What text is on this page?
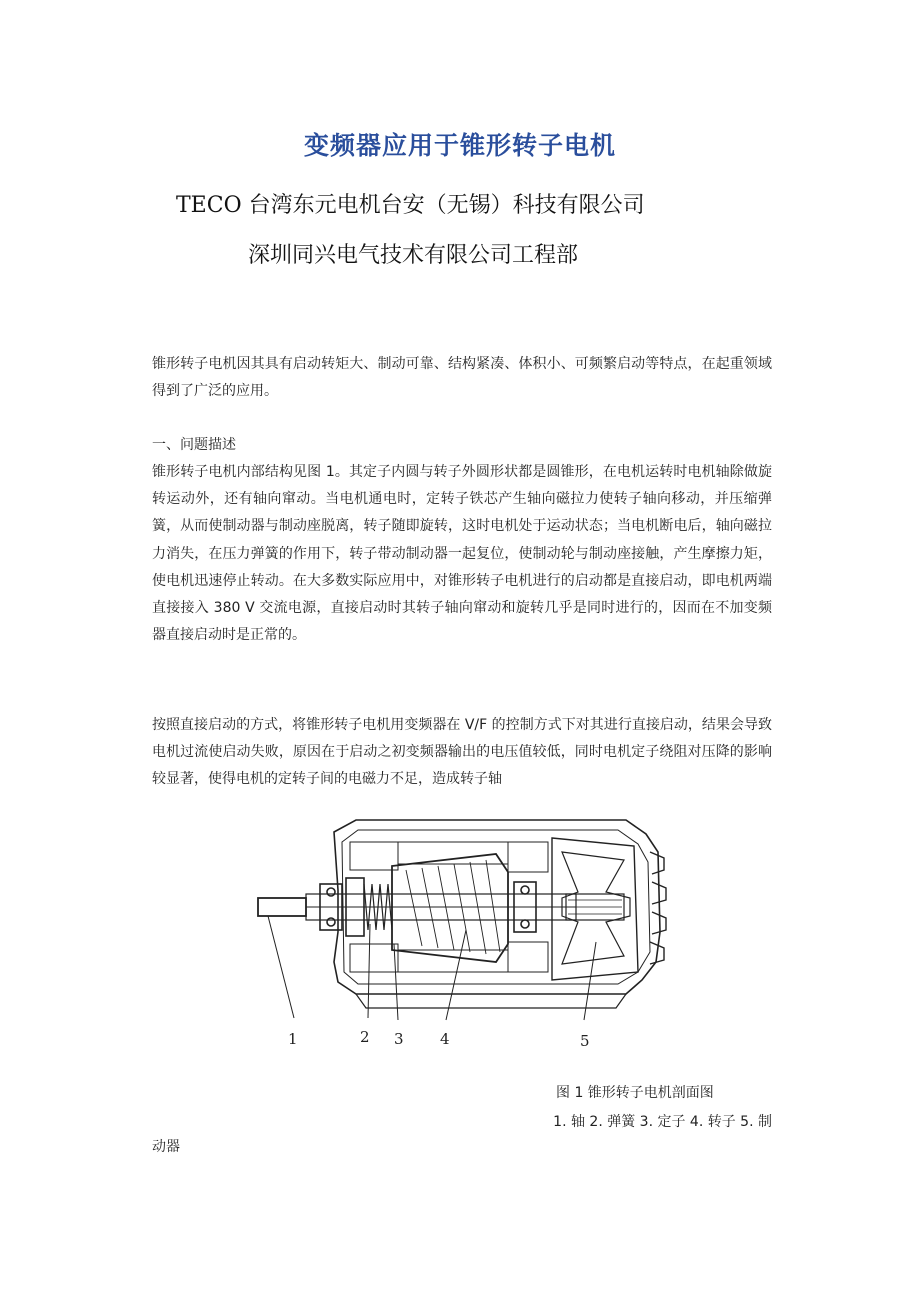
变频器应用于锥形转子电机

TECO 台湾东元电机台安（无锡）科技有限公司

深圳同兴电气技术有限公司工程部

锥形转子电机因其具有启动转矩大、制动可靠、结构紧凑、体积小、可频繁启动等特点，在起重领域得到了广泛的应用。

一、问题描述

锥形转子电机内部结构见图 1。其定子内圆与转子外圆形状都是圆锥形，在电机运转时电机轴除做旋转运动外，还有轴向窜动。当电机通电时，定转子铁芯产生轴向磁拉力使转子轴向移动，并压缩弹簧，从而使制动器与制动座脱离，转子随即旋转，这时电机处于运动状态；当电机断电后，轴向磁拉力消失，在压力弹簧的作用下，转子带动制动器一起复位，使制动轮与制动座接触，产生摩擦力矩，使电机迅速停止转动。在大多数实际应用中，对锥形转子电机进行的启动都是直接启动，即电机两端直接接入 380 V 交流电源，直接启动时其转子轴向窜动和旋转几乎是同时进行的，因而在不加变频器直接启动时是正常的。

按照直接启动的方式，将锥形转子电机用变频器在 V/F 的控制方式下对其进行直接启动，结果会导致电机过流使启动失败，原因在于启动之初变频器输出的电压值较低，同时电机定子绕阻对压降的影响较显著，使得电机的定转子间的电磁力不足，造成转子轴

1	2 3 4	5

图 1 锥形转子电机剖面图

1. 轴 2. 弹簧 3. 定子 4. 转子 5. 制

动器
